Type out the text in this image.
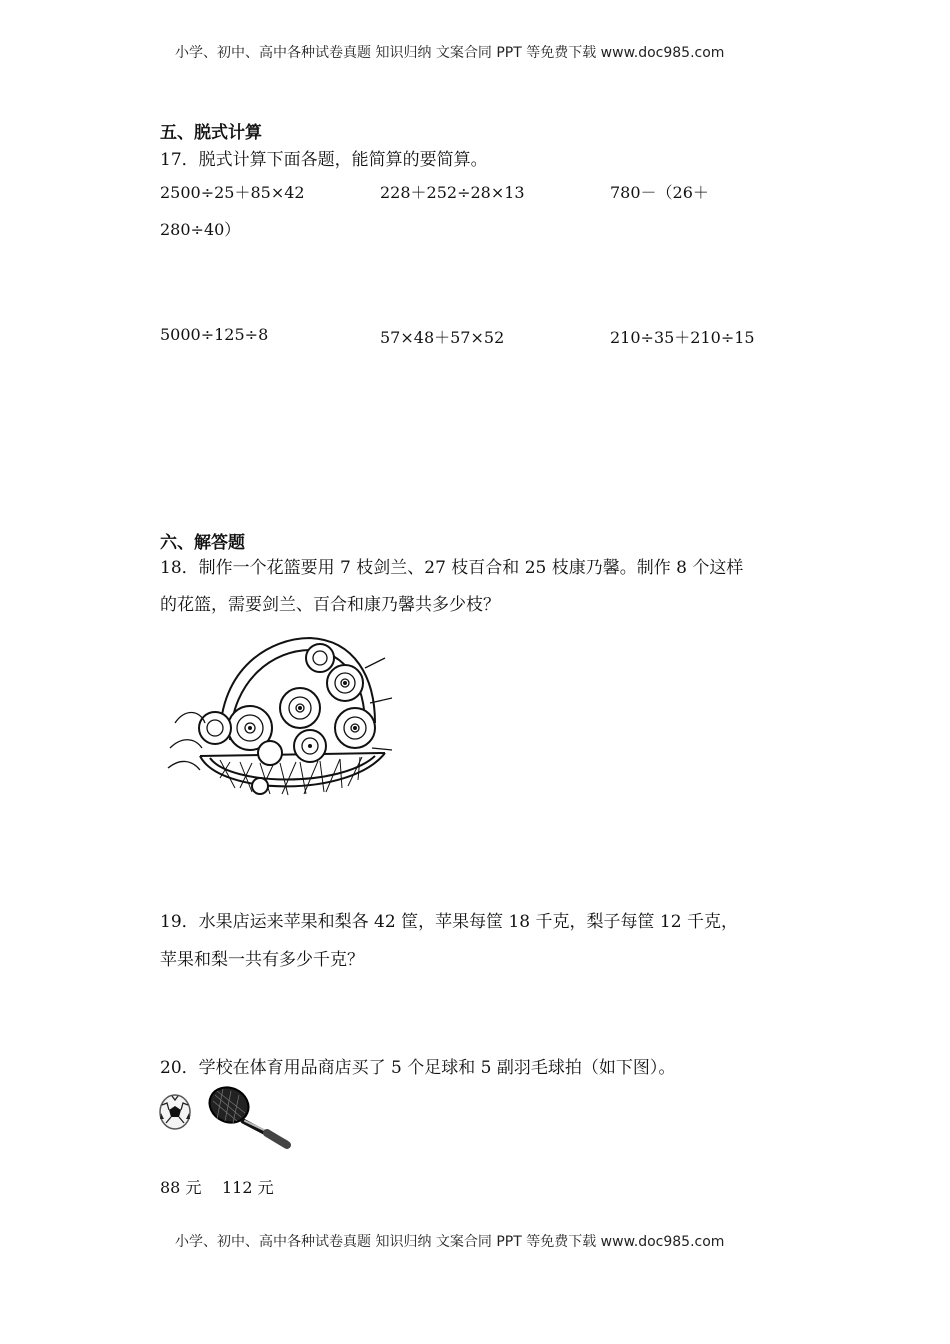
小学、初中、高中各种试卷真题 知识归纳 文案合同 PPT 等免费下载 www.doc985.com
五、脱式计算
17．脱式计算下面各题，能简算的要简算。
2500÷25＋85×42	228＋252÷28×13	780－（26＋
280÷40）
5000÷125÷8	57×48＋57×52	210÷35＋210÷15
六、解答题
18．制作一个花篮要用 7 枝剑兰、27 枝百合和 25 枝康乃馨。制作 8 个这样
的花篮，需要剑兰、百合和康乃馨共多少枝？
19．水果店运来苹果和梨各 42 筐，苹果每筐 18 千克，梨子每筐 12 千克，
苹果和梨一共有多少千克？
20．学校在体育用品商店买了 5 个足球和 5 副羽毛球拍（如下图）。
88 元 112 元
小学、初中、高中各种试卷真题 知识归纳 文案合同 PPT 等免费下载 www.doc985.com
